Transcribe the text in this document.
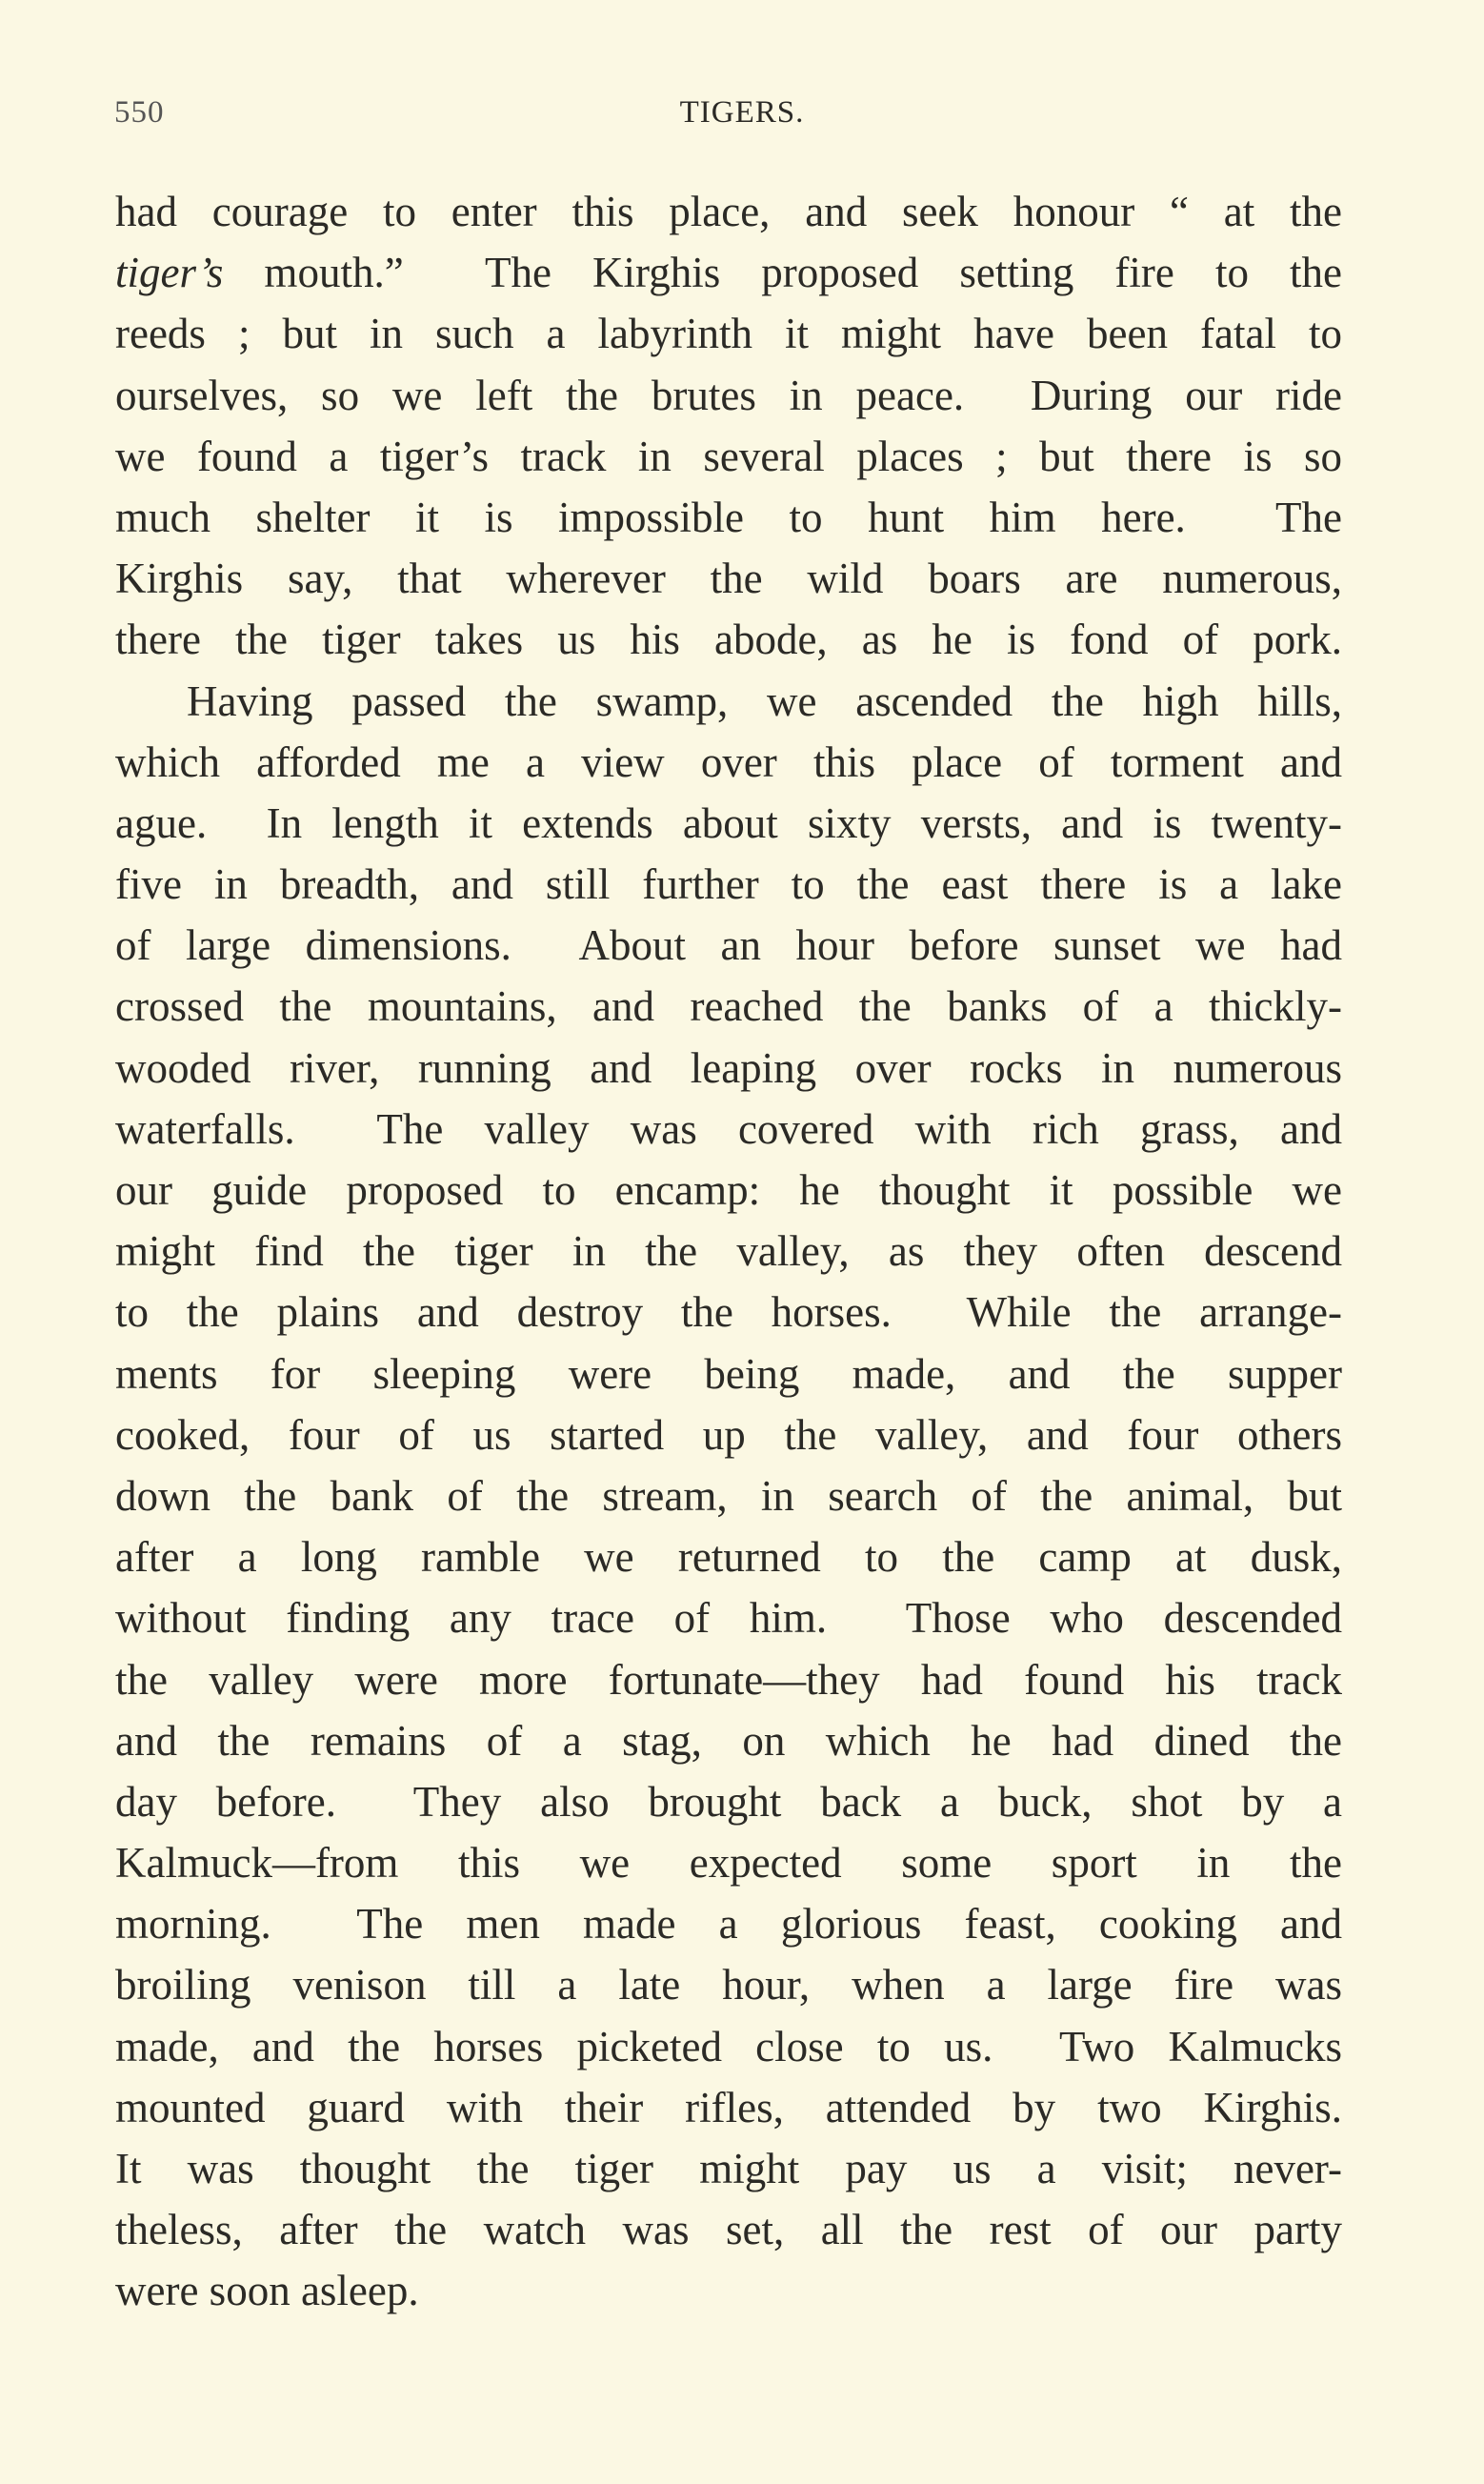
550	TIGERS.
had courage to enter this place, and seek honour “ at the
tiger’s mouth.”  The Kirghis proposed setting fire to the
reeds ; but in such a labyrinth it might have been fatal to
ourselves, so we left the brutes in peace.  During our ride
we found a tiger’s track in several places ; but there is so
much shelter it is impossible to hunt him here.  The
Kirghis say, that wherever the wild boars are numerous,
there the tiger takes us his abode, as he is fond of pork.
Having passed the swamp, we ascended the high hills,
which afforded me a view over this place of torment and
ague.  In length it extends about sixty versts, and is twenty-
five in breadth, and still further to the east there is a lake
of large dimensions.  About an hour before sunset we had
crossed the mountains, and reached the banks of a thickly-
wooded river, running and leaping over rocks in numerous
waterfalls.  The valley was covered with rich grass, and
our guide proposed to encamp: he thought it possible we
might find the tiger in the valley, as they often descend
to the plains and destroy the horses.  While the arrange-
ments for sleeping were being made, and the supper
cooked, four of us started up the valley, and four others
down the bank of the stream, in search of the animal, but
after a long ramble we returned to the camp at dusk,
without finding any trace of him.  Those who descended
the valley were more fortunate—they had found his track
and the remains of a stag, on which he had dined the
day before.  They also brought back a buck, shot by a
Kalmuck—from this we expected some sport in the
morning.  The men made a glorious feast, cooking and
broiling venison till a late hour, when a large fire was
made, and the horses picketed close to us.  Two Kalmucks
mounted guard with their rifles, attended by two Kirghis.
It was thought the tiger might pay us a visit; never-
theless, after the watch was set, all the rest of our party
were soon asleep.
